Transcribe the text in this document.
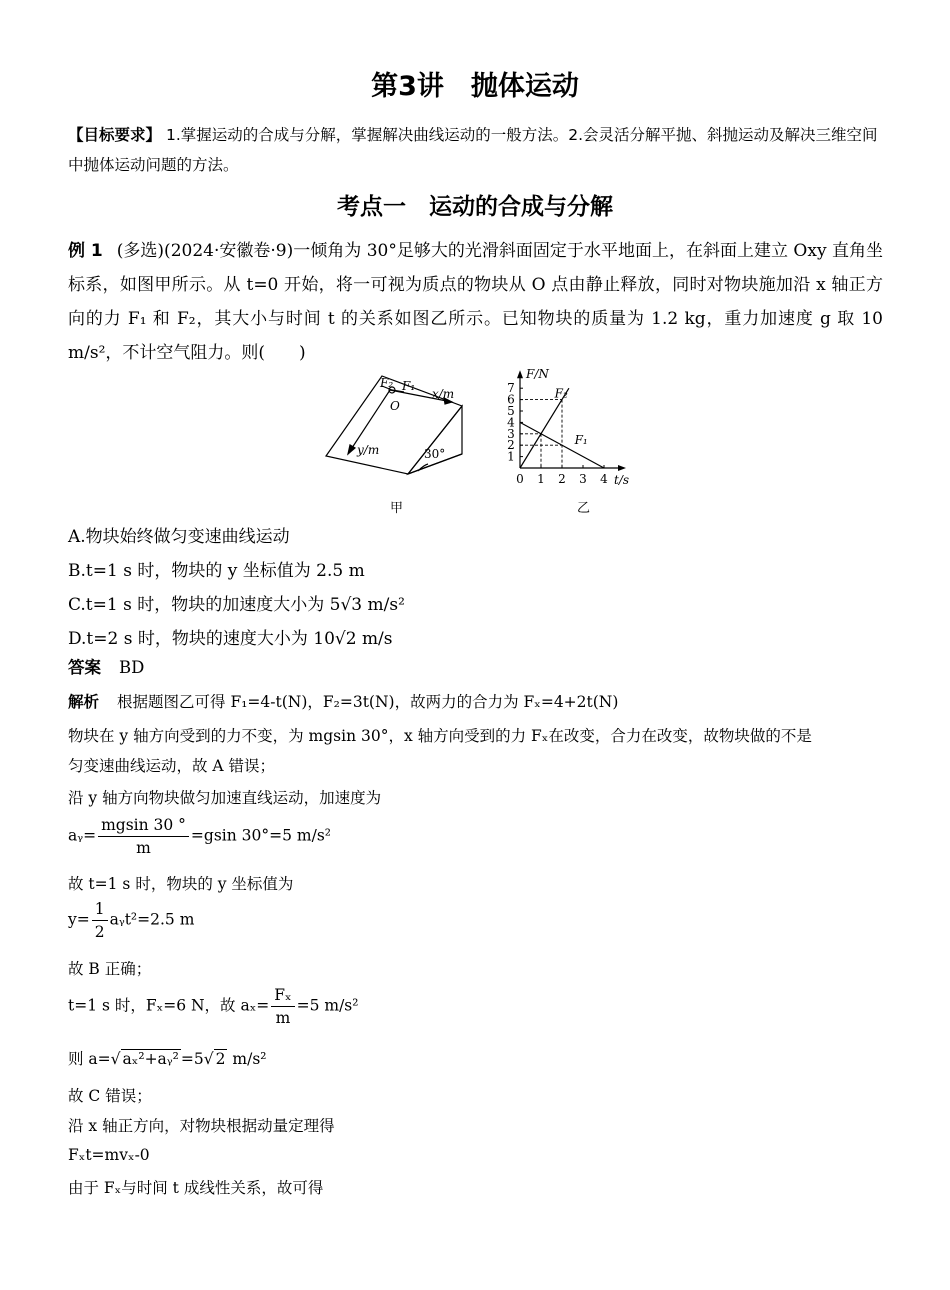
第3讲　抛体运动
【目标要求】 1.掌握运动的合成与分解，掌握解决曲线运动的一般方法。2.会灵活分解平抛、斜抛运动及解决三维空间中抛体运动问题的方法。
考点一　运动的合成与分解
例 1 (多选)(2024·安徽卷·9)一倾角为 30°足够大的光滑斜面固定于水平地面上，在斜面上建立 Oxy 直角坐标系，如图甲所示。从 t=0 开始，将一可视为质点的物块从 O 点由静止释放，同时对物块施加沿 x 轴正方向的力 F₁ 和 F₂，其大小与时间 t 的关系如图乙所示。已知物块的质量为 1.2 kg，重力加速度 g 取 10 m/s²，不计空气阻力。则(　　)
F₂ F₁
O
x/m
y/m	30°
甲
1
2
3
4
5
6
7
1 2 3 4
0
F/N
t/s
F₂
F₁
乙
A.物块始终做匀变速曲线运动
B.t=1 s 时，物块的 y 坐标值为 2.5 m
C.t=1 s 时，物块的加速度大小为 5√3 m/s²
D.t=2 s 时，物块的速度大小为 10√2 m/s
答案 BD
解析 根据题图乙可得 F₁=4-t(N)，F₂=3t(N)，故两力的合力为 Fₓ=4+2t(N)
物块在 y 轴方向受到的力不变，为 mgsin 30°，x 轴方向受到的力 Fₓ在改变，合力在改变，故物块做的不是
匀变速曲线运动，故 A 错误；
沿 y 轴方向物块做匀加速直线运动，加速度为
aᵧ= $\frac{mgsin 30 ^\circ}{m} =gsin$ 30°=5 m/s²
故 t=1 s 时，物块的 y 坐标值为
$y= \frac{1}{2}$ aᵧt²=2.5 m
故 B 正确；
t=1 s 时，Fₓ=6 N，故 $a_x= \frac{\text{Fₓ}}{m} =5$ m/s²
则 a=√ aₓ²+aᵧ² =5√ 2 m/s²
故 C 错误；
沿 x 轴正方向，对物块根据动量定理得
Fₓt=mvₓ-0
由于 Fₓ与时间 t 成线性关系，故可得
